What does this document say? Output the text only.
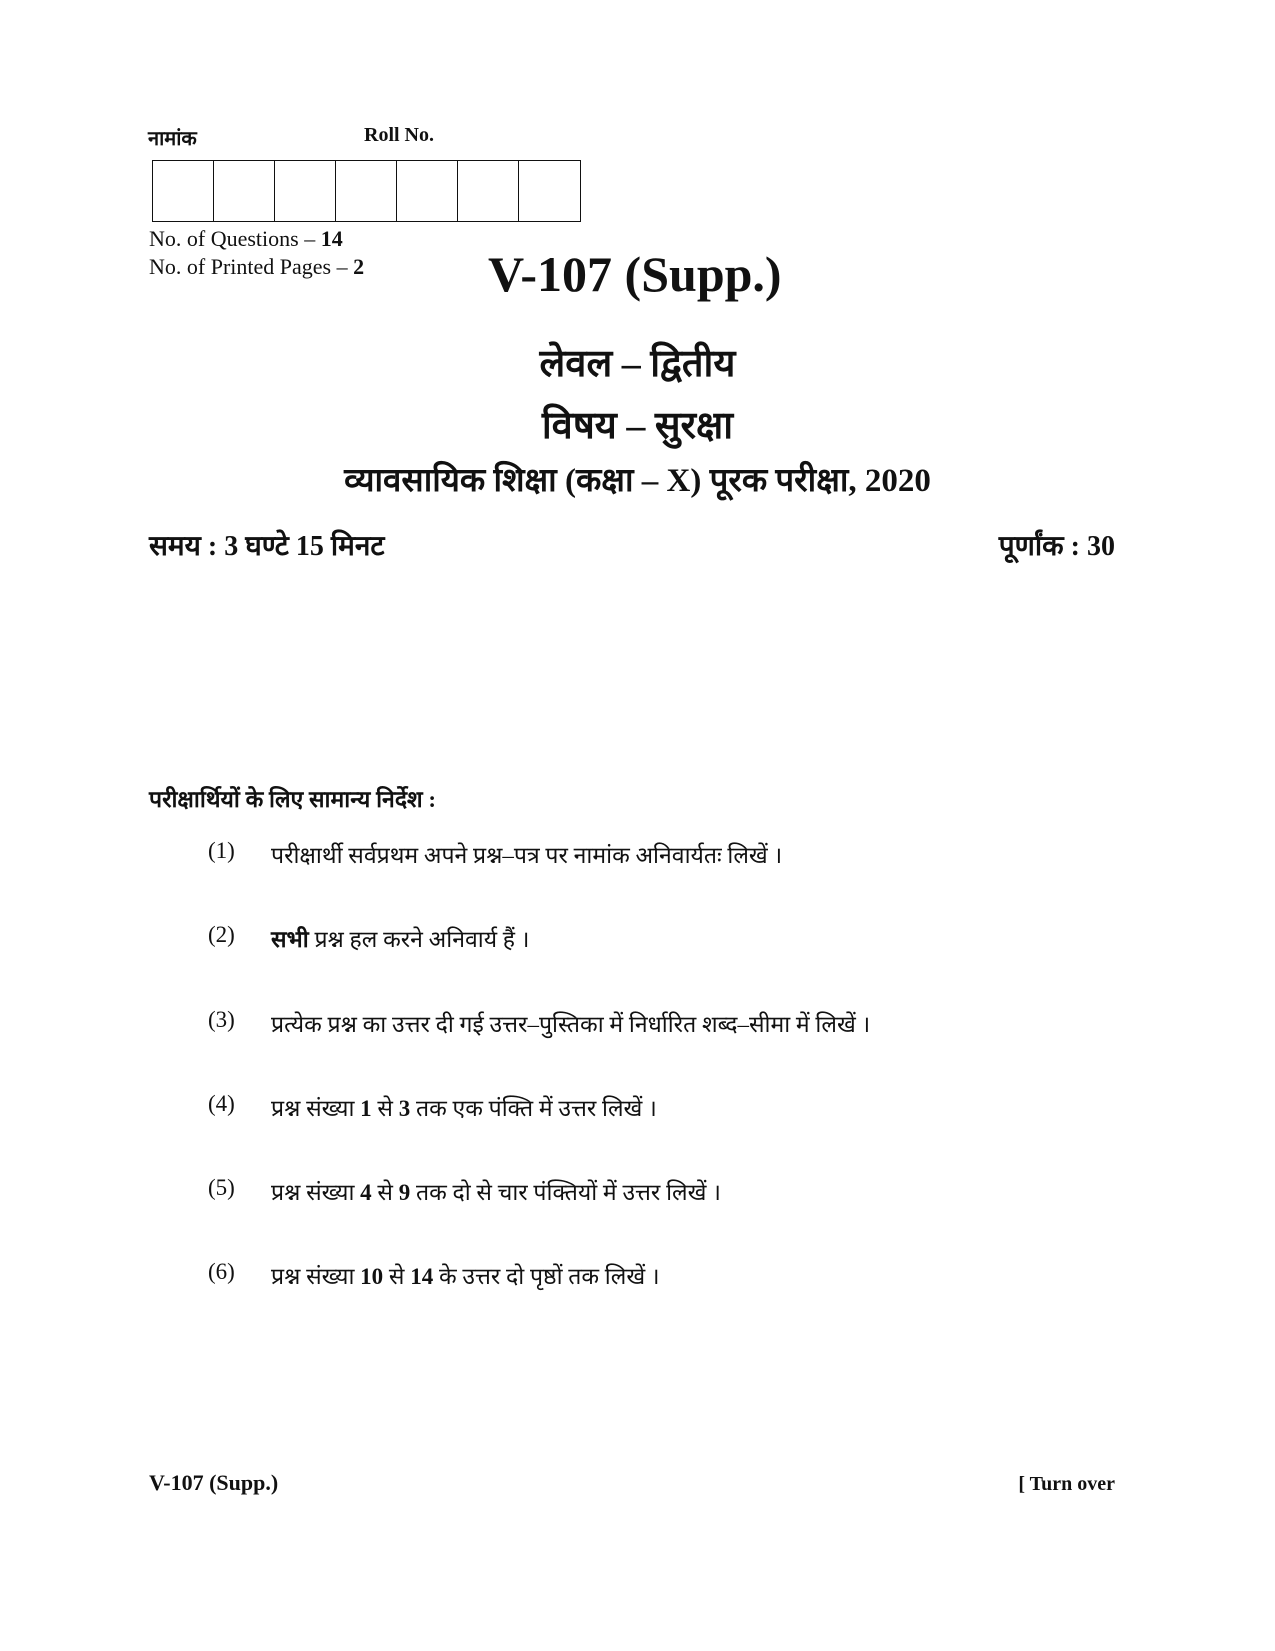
नामांक	Roll No.
No. of Questions – 14
No. of Printed Pages – 2 V-107 (Supp.)
लेवल – द्वितीय
विषय – सुरक्षा
व्यावसायिक शिक्षा (कक्षा – X) पूरक परीक्षा, 2020
समय : 3 घण्टे 15 मिनट	पूर्णांक : 30
परीक्षार्थियों के लिए सामान्य निर्देश :
(1)	परीक्षार्थी सर्वप्रथम अपने प्रश्न–पत्र पर नामांक अनिवार्यतः लिखें ।
(2)	सभी प्रश्न हल करने अनिवार्य हैं ।
(3)	प्रत्येक प्रश्न का उत्तर दी गई उत्तर–पुस्तिका में निर्धारित शब्द–सीमा में लिखें ।
(4)	प्रश्न संख्या 1 से 3 तक एक पंक्ति में उत्तर लिखें ।
(5)	प्रश्न संख्या 4 से 9 तक दो से चार पंक्तियों में उत्तर लिखें ।
(6)	प्रश्न संख्या 10 से 14 के उत्तर दो पृष्ठों तक लिखें ।
V-107 (Supp.)	[ Turn over
